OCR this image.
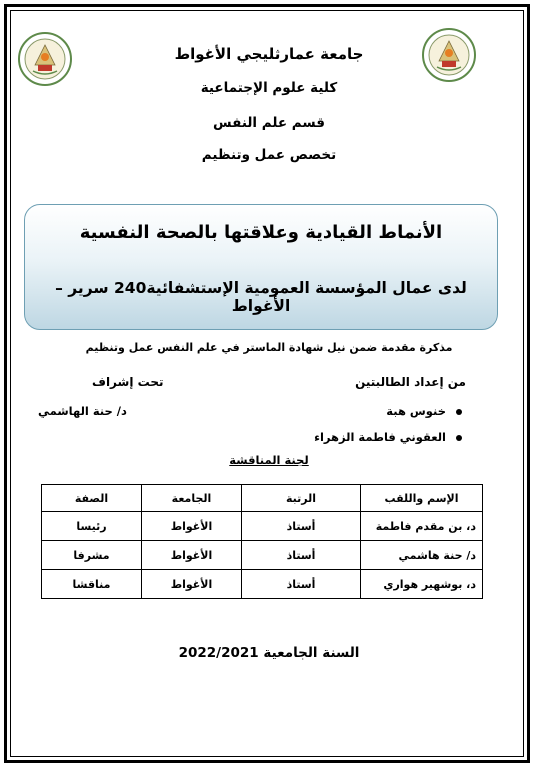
جامعة عمارثليجي الأغواط
كلية علوم الإجتماعية
قسم علم النفس
تخصص عمل وتنظيم
الأنماط القيادية وعلاقتها بالصحة النفسية
لدى عمال المؤسسة العمومية الإستشفائية240 سرير – الأغواط
مذكرة مقدمة ضمن نيل شهادة الماستر في علم النفس عمل وتنظيم
من إعداد الطالبتين
تحت إشراف
د/ حنة الهاشمي	خنوس هبة
العقوني فاطمة الزهراء
لجنة المناقشة
الإسم واللقب	الرتبة	الجامعة	الصفة
د، بن مقدم فاطمة	أستاذ	الأغواط	رئيسا
د/ حنة هاشمي	أستاذ	الأغواط	مشرفا
د، بوشهير هواري	أستاذ	الأغواط	مناقشا
السنة الجامعية 2022/2021
